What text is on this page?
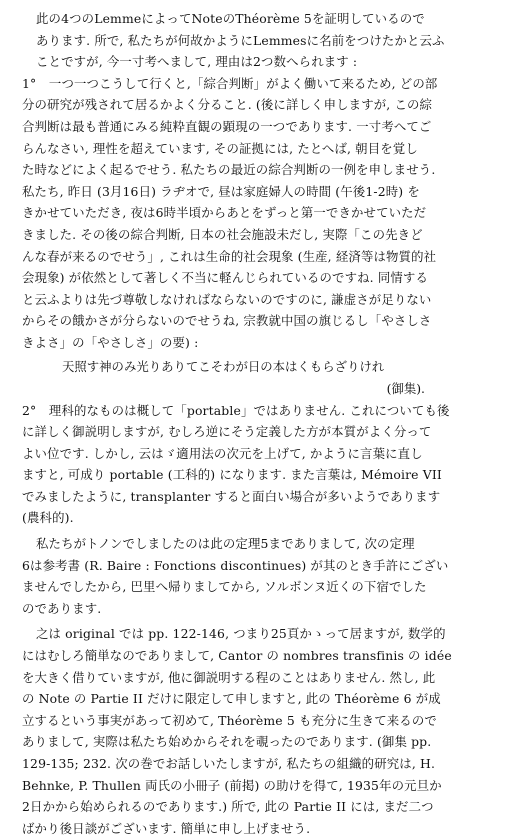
此の4つのLemmeによってNoteのThéorème 5を証明しているので
あります. 所で, 私たちが何故かようにLemmesに名前をつけたかと云ふ
ことですが, 今一寸考へまして, 理由は2つ数へられます :
1°　一つ一つこうして行くと,「綜合判断」がよく働いて来るため, どの部
分の研究が残されて居るかよく分ること. (後に詳しく申しますが, この綜
合判断は最も普通にみる純粋直観の顕現の一つであります. 一寸考へてご
らんなさい, 理性を超えています, その証拠には, たとへば, 朝目を覚し
た時などによく起るでせう. 私たちの最近の綜合判断の一例を申しませう.
私たち, 昨日 (3月16日) ラヂオで, 昼は家庭婦人の時間 (午後1-2時) を
きかせていただき, 夜は6時半頃からあとをずっと第一できかせていただ
きました. その後の綜合判断, 日本の社会施設未だし, 実際「この先きど
んな春が来るのでせう」, これは生命的社会現象 (生産, 経済等は物質的社
会現象) が依然として著しく不当に軽んじられているのですね. 同情する
と云ふよりは先づ尊敬しなければならないのですのに, 謙虚さが足りない
からその餓かさが分らないのでせうね, 宗教就中国の旗じるし「やさしさ
きよさ」の「やさしさ」の要) :
天照す神のみ光りありてこそわが日の本はくもらざりけれ
(御集).
2°　理科的なものは概して「portable」ではありません. これについても後
に詳しく御説明しますが, むしろ逆にそう定義した方が本質がよく分って
よい位です. しかし, 云はゞ適用法の次元を上げて, かように言葉に直し
ますと, 可成り portable (工科的) になります. また言葉は, Mémoire VII
でみましたように, transplanter すると面白い場合が多いようであります
(農科的).
私たちがトノンでしましたのは此の定理5までありまして, 次の定理
6は参考書 (R. Baire : Fonctions discontinues) が其のとき手許にござい
ませんでしたから, 巴里へ帰りましてから, ソルボンヌ近くの下宿でした
のであります.
之は original では pp. 122-146, つまり25頁かゝって居ますが, 数学的
にはむしろ簡単なのでありまして, Cantor の nombres transfinis の idée
を大きく借りていますが, 他に御説明する程のことはありません. 然し, 此
の Note の Partie II だけに限定して申しますと, 此の Théorème 6 が成
立するという事実があって初めて, Théorème 5 も充分に生きて来るので
ありまして, 実際は私たち始めからそれを覗ったのであります. (御集 pp.
129-135; 232. 次の巻でお話しいたしますが, 私たちの組織的研究は, H.
Behnke, P. Thullen 両氏の小冊子 (前掲) の助けを得て, 1935年の元旦か
2日かから始められるのであります.) 所で, 此の Partie II には, まだ二つ
ばかり後日談がございます. 簡単に申し上げませう.
